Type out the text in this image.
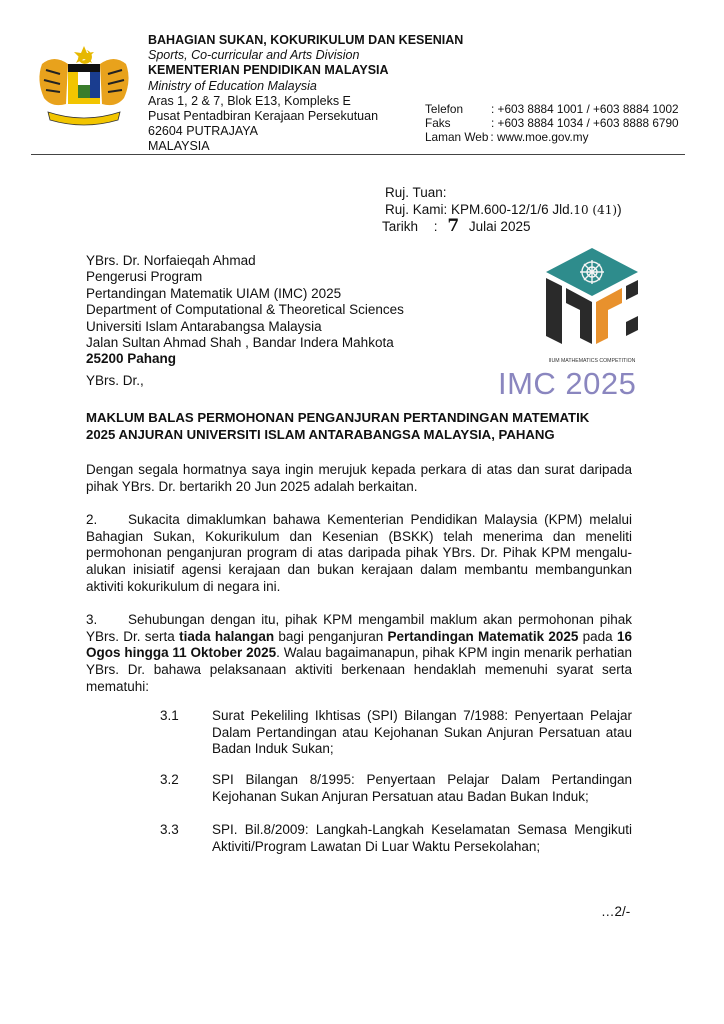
BAHAGIAN SUKAN, KOKURIKULUM DAN KESENIAN
Sports, Co-curricular and Arts Division
KEMENTERIAN PENDIDIKAN MALAYSIA
Ministry of Education Malaysia
Aras 1, 2 & 7, Blok E13, Kompleks E
Pusat Pentadbiran Kerajaan Persekutuan
62604 PUTRAJAYA
MALAYSIA
Telefon	: +603 8884 1001 / +603 8884 1002
Faks	: +603 8884 1034 / +603 8888 6790
Laman Web : www.moe.gov.my
Ruj. Tuan:
Ruj. Kami: KPM.600-12/1/6 Jld.10 (41))
Tarikh : 7 Julai 2025
YBrs. Dr. Norfaieqah Ahmad
Pengerusi Program
Pertandingan Matematik UIAM (IMC) 2025
Department of Computational & Theoretical Sciences
Universiti Islam Antarabangsa Malaysia
Jalan Sultan Ahmad Shah , Bandar Indera Mahkota
25200 Pahang
YBrs. Dr.,
IIUM MATHEMATICS COMPETITION
IMC 2025
MAKLUM BALAS PERMOHONAN PENGANJURAN PERTANDINGAN MATEMATIK
2025 ANJURAN UNIVERSITI ISLAM ANTARABANGSA MALAYSIA, PAHANG
Dengan segala hormatnya saya ingin merujuk kepada perkara di atas dan surat daripada pihak YBrs. Dr. bertarikh 20 Jun 2025 adalah berkaitan.
2. Sukacita dimaklumkan bahawa Kementerian Pendidikan Malaysia (KPM) melalui Bahagian Sukan, Kokurikulum dan Kesenian (BSKK) telah menerima dan meneliti permohonan penganjuran program di atas daripada pihak YBrs. Dr. Pihak KPM mengalu-alukan inisiatif agensi kerajaan dan bukan kerajaan dalam membantu membangunkan aktiviti kokurikulum di negara ini.
3. Sehubungan dengan itu, pihak KPM mengambil maklum akan permohonan pihak YBrs. Dr. serta tiada halangan bagi penganjuran Pertandingan Matematik 2025 pada 16 Ogos hingga 11 Oktober 2025. Walau bagaimanapun, pihak KPM ingin menarik perhatian YBrs. Dr. bahawa pelaksanaan aktiviti berkenaan hendaklah memenuhi syarat serta mematuhi:
3.1	Surat Pekeliling Ikhtisas (SPI) Bilangan 7/1988: Penyertaan Pelajar Dalam Pertandingan atau Kejohanan Sukan Anjuran Persatuan atau Badan Induk Sukan;
3.2	SPI Bilangan 8/1995: Penyertaan Pelajar Dalam Pertandingan Kejohanan Sukan Anjuran Persatuan atau Badan Bukan Induk;
3.3	SPI. Bil.8/2009: Langkah-Langkah Keselamatan Semasa Mengikuti Aktiviti/Program Lawatan Di Luar Waktu Persekolahan;
…2/-
